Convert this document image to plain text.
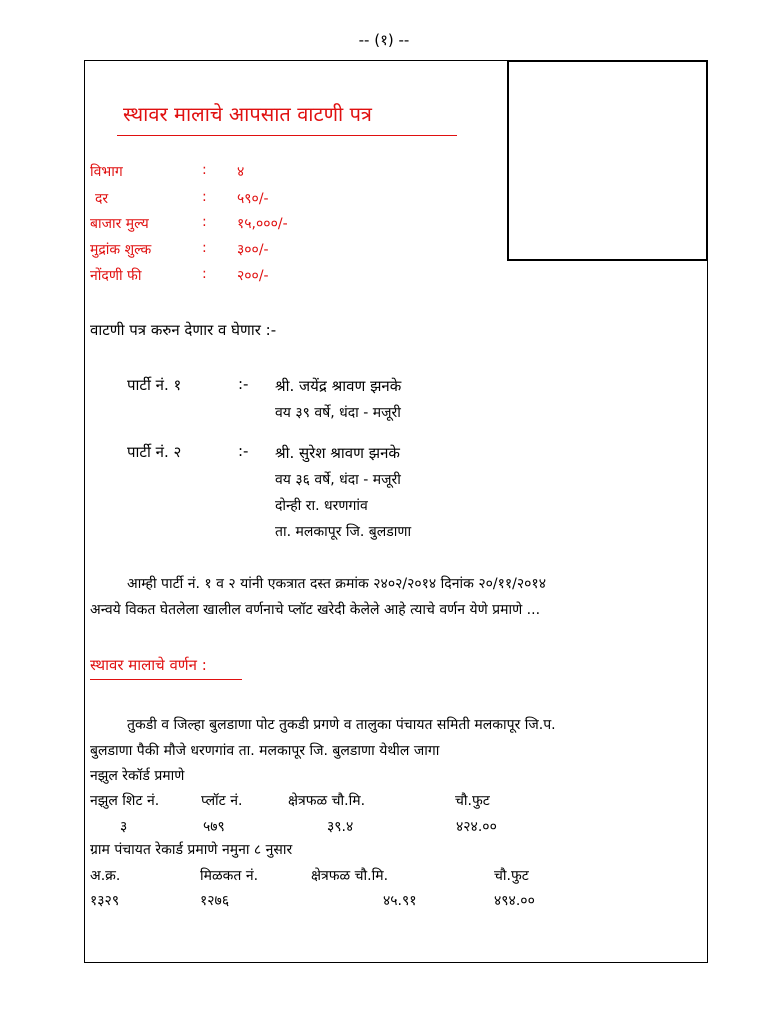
-- (१) --
स्थावर मालाचे आपसात वाटणी पत्र
विभाग	: ४
दर	: ५९०/-
बाजार मुल्य	: १५,०००/-
मुद्रांक शुल्क	: ३००/-
नोंदणी फी	: २००/-
वाटणी पत्र करुन देणार व घेणार :-
पार्टी नं. १	:- श्री. जयेंद्र श्रावण झनके
वय ३९ वर्षे, धंदा - मजूरी
पार्टी नं. २	:- श्री. सुरेश श्रावण झनके
वय ३६ वर्षे, धंदा - मजूरी
दोन्ही रा. धरणगांव
ता. मलकापूर जि. बुलडाणा
आम्ही पार्टी नं. १ व २ यांनी एकत्रात दस्त क्रमांक २४०२/२०१४ दिनांक २०/११/२०१४
अन्वये विकत घेतलेला खालील वर्णनाचे प्लॉट खरेदी केलेले आहे त्याचे वर्णन येणे प्रमाणे ...
स्थावर मालाचे वर्णन :
तुकडी व जिल्हा बुलडाणा पोट तुकडी प्रगणे व तालुका पंचायत समिती मलकापूर जि.प.
बुलडाणा पैकी मौजे धरणगांव ता. मलकापूर जि. बुलडाणा येथील जागा
नझुल रेकॉर्ड प्रमाणे
नझुल शिट नं.	प्लॉट नं.	क्षेत्रफळ चौ.मि.	चौ.फुट
३	५७९	३९.४	४२४.००
ग्राम पंचायत रेकार्ड प्रमाणे नमुना ८ नुसार
अ.क्र.	मिळकत नं.	क्षेत्रफळ चौ.मि.	चौ.फुट
१३२९	१२७६	४५.९१	४९४.००
